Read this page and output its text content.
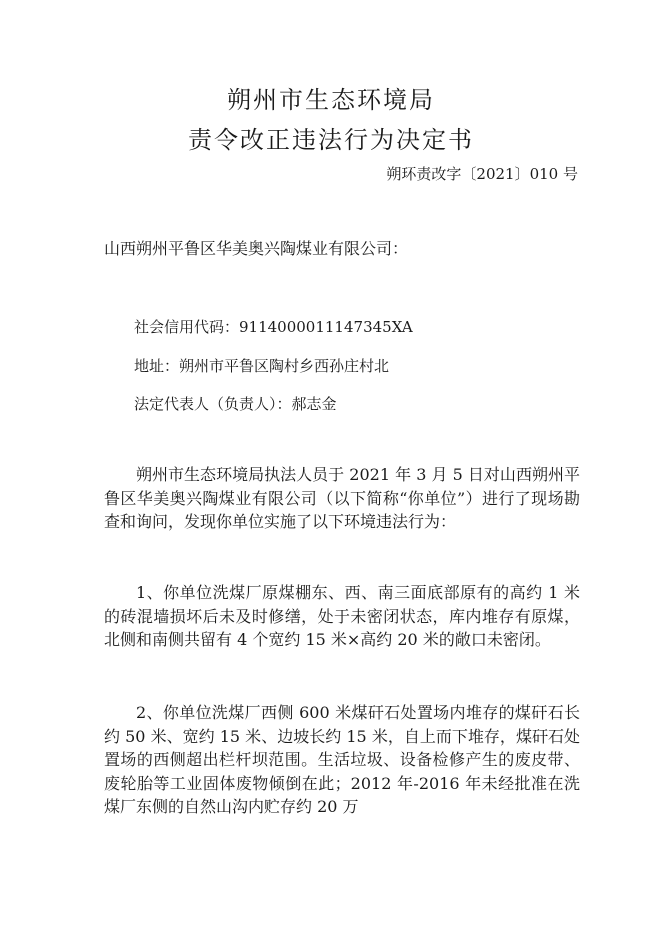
朔州市生态环境局
责令改正违法行为决定书
朔环责改字〔2021〕010 号
山西朔州平鲁区华美奥兴陶煤业有限公司：
社会信用代码：9114000011147345XA
地址：朔州市平鲁区陶村乡西孙庄村北
法定代表人（负责人）：郝志金

朔州市生态环境局执法人员于 2021 年 3 月 5 日对山西朔州平鲁区华美奥兴陶煤业有限公司（以下简称“你单位”）进行了现场勘查和询问，发现你单位实施了以下环境违法行为：

1、你单位洗煤厂原煤棚东、西、南三面底部原有的高约 1 米的砖混墙损坏后未及时修缮，处于未密闭状态，库内堆存有原煤，北侧和南侧共留有 4 个宽约 15 米×高约 20 米的敞口未密闭。

2、你单位洗煤厂西侧 600 米煤矸石处置场内堆存的煤矸石长约 50 米、宽约 15 米、边坡长约 15 米，自上而下堆存，煤矸石处置场的西侧超出栏杆坝范围。生活垃圾、设备检修产生的废皮带、废轮胎等工业固体废物倾倒在此；2012 年-2016 年未经批准在洗煤厂东侧的自然山沟内贮存约 20 万
